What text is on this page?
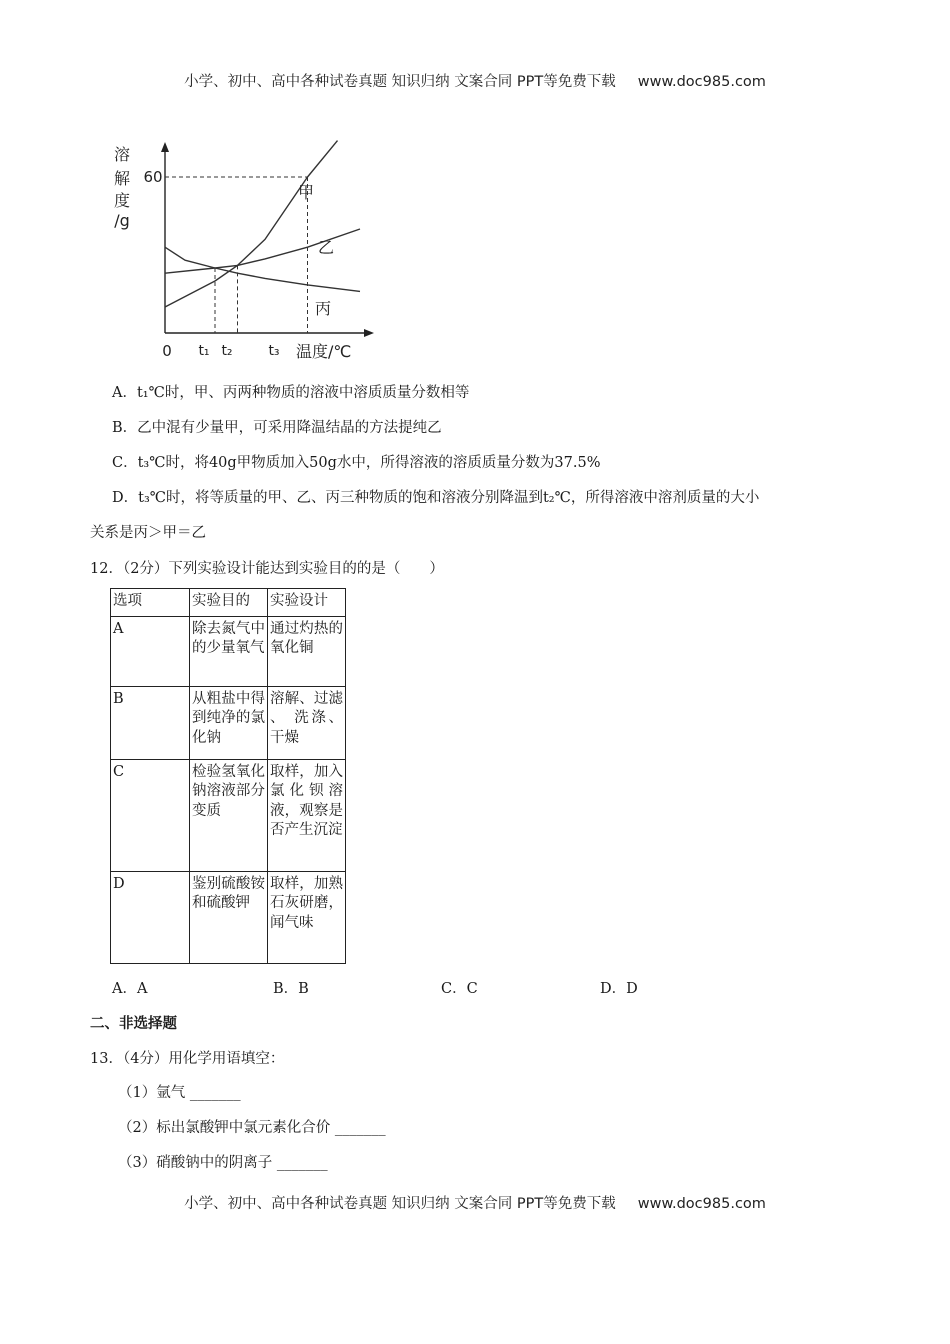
小学、初中、高中各种试卷真题 知识归纳 文案合同 PPT等免费下载 www.doc985.com
溶
解
度
/g
甲
乙
丙
60
0 t₁ t₂	t₃ 温度/℃
A．t₁℃时，甲、丙两种物质的溶液中溶质质量分数相等
B．乙中混有少量甲，可采用降温结晶的方法提纯乙
C．t₃℃时，将40g甲物质加入50g水中，所得溶液的溶质质量分数为37.5%
D．t₃℃时，将等质量的甲、乙、丙三种物质的饱和溶液分别降温到t₂℃，所得溶液中溶剂质量的大小
关系是丙＞甲＝乙
12．（2分）下列实验设计能达到实验目的的是（　　）
选项	实验目的	实验设计
A	除去氮气中的少量氧气	通过灼热的氧化铜
B	从粗盐中得到纯净的氯化钠	溶解、过滤 、 洗涤、干燥
C	检验氢氧化钠溶液部分变质	取样，加入氯化钡溶液，观察是否产生沉淀
D	鉴别硫酸铵和硫酸钾	取样，加熟石灰研磨，闻气味
A．A	B．B	C．C	D．D
二、非选择题
13．（4分）用化学用语填空：
（1）氩气 _______
（2）标出氯酸钾中氯元素化合价 _______
（3）硝酸钠中的阴离子 _______
小学、初中、高中各种试卷真题 知识归纳 文案合同 PPT等免费下载 www.doc985.com
